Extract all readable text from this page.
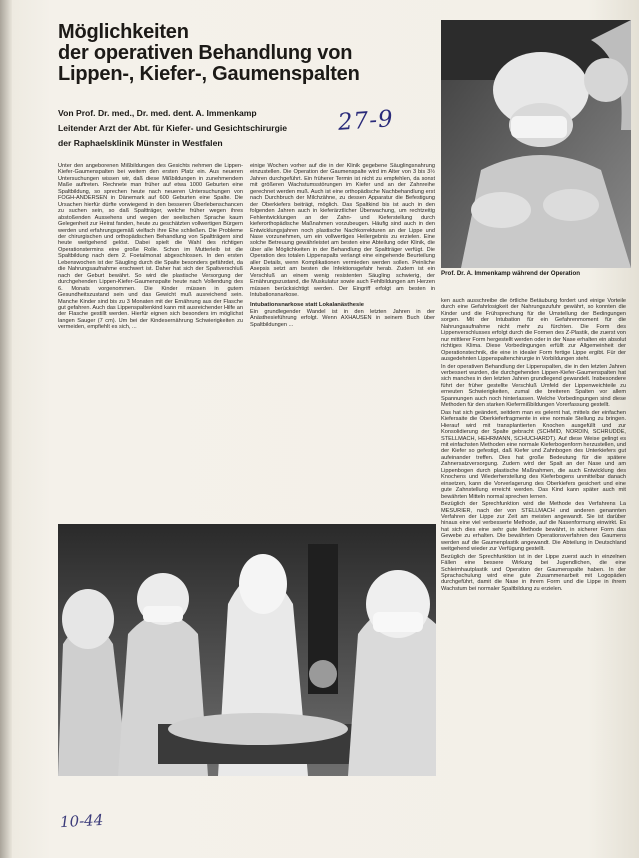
Möglichkeiten
der operativen Behandlung von
Lippen-, Kiefer-, Gaumenspalten
Von Prof. Dr. med., Dr. med. dent. A. Immenkamp
Leitender Arzt der Abt. für Kiefer- und Gesichtschirurgie
der Raphaelsklinik Münster in Westfalen
27-9
Prof. Dr. A. Immenkamp während der Operation

Unter den angeborenen Mißbildungen des Gesichts nehmen die Lippen-Kiefer-Gaumenspalten bei weitem den ersten Platz ein. Aus neueren Untersuchungen wissen wir, daß diese Mißbildungen in zunehmendem Maße auftreten. Rechnete man früher auf etwa 1000 Geburten eine Spaltbildung, so sprechen heute nach neueren Untersuchungen von FOGH-ANDERSEN in Dänemark auf 600 Geburten eine Spalte. Die Ursachen hierfür dürfte vorwiegend in den besseren Überlebenschancen zu suchen sein, so daß Spaltträger, welche früher wegen ihres abstoßenden Aussehens und wegen der seelischen Sprache kaum Gelegenheit zur Heirat fanden, heute zu geschätzten vollwertigen Bürgern werden und erfahrungsgemäß vielfach ihre Ehe schließen. Die Probleme der chirurgischen und orthopädischen Behandlung von Spaltträgern sind heute weitgehend gelöst. Dabei spielt die Wahl des richtigen Operationstermins eine große Rolle. Schon im Mutterleib ist die Spaltbildung nach dem 2. Foetalmonat abgeschlossen. In den ersten Lebenswochen ist der Säugling durch die Spalte besonders gefährdet, da die Nahrungsaufnahme erschwert ist. Daher hat sich der Spaltverschluß nach der Geburt bewährt. So wird die plastische Versorgung der durchgehenden Lippen-Kiefer-Gaumenspalte heute nach Vollendung des 6. Monats vorgenommen. Die Kinder müssen in gutem Gesundheitszustand sein und das Gewicht muß ausreichend sein. Manche Kinder sind bis zu 3 Monaten mit der Ernährung aus der Flasche gut gefahren. Auch das Lippenspaltenkind kann mit ausreichender Hilfe an der Flasche gestillt werden. Hierfür eignen sich besonders im möglichst langen Sauger (7 cm). Um bei der Kindesernährung Schwierigkeiten zu vermeiden, empfiehlt es sich, ...

einige Wochen vorher auf die in der Klinik gegebene Säuglingsnahrung einzustellen. Die Operation der Gaumenspalte wird im Alter von 3 bis 3½ Jahren durchgeführt. Ein früherer Termin ist nicht zu empfehlen, da sonst mit größeren Wachstumsstörungen im Kiefer und an der Zahnreihe gerechnet werden muß. Auch ist eine orthopädische Nachbehandlung erst nach Durchbruch der Milchzähne, zu dessen Apparatur die Befestigung der Oberkiefers beiträgt, möglich. Das Spaltkind bis ist auch in den folgenden Jahren auch in kieferärztlicher Überwachung, um rechtzeitig Fehlentwicklungen an der Zahn- und Kieferstellung durch kieferorthopädische Maßnahmen vorzubeugen. Häufig sind auch in den Entwicklungsjahren noch plastische Nachkorrekturen an der Lippe und Nase vorzunehmen, um ein vollwertiges Heilergebnis zu erzielen. Eine solche Betreuung gewährleistet am besten eine Abteilung oder Klinik, die über alle Möglichkeiten in der Behandlung der Spaltträger verfügt. Die Operation des totalen Lippenspalts verlangt eine eingehende Beurteilung aller Details, wenn Komplikationen vermieden werden sollen. Peinliche Asepsis setzt am besten die Infektionsgefahr herab. Zudem ist ein Verschluß an einem wenig resistenten Säugling schwierig, der Ernährungszustand, die Muskulatur sowie auch Fehlbildungen am Herzen müssen berücksichtigt werden. Der Eingriff erfolgt am besten in Intubationsnarkose.

Intubationsnarkose statt Lokalanästhesie

Ein grundlegender Wandel ist in den letzten Jahren in der Anästhesieführung erfolgt. Wenn AXHAUSEN in seinem Buch über Spaltbildungen ...

ken auch ausschreibe die örtliche Betäubung fordert und einige Vorteile durch eine Gefahrlosigkeit der Nahrungszufuhr gewährt, so konnten die Kinder und die Frühsprechung für die Umstellung der Bedingungen sorgen. Mit der Intubation für ein Gefahrenmoment für die Nahrungsaufnahme nicht mehr zu fürchten. Die Form des Lippenverschlusses erfolgt durch die Formen des Z-Plastik, die zuerst von nur mittlerer Form hergestellt werden oder in der Nase erhalten ein absolut richtiges Klima. Diese Vorbedingungen erfüllt zur Allgemeinheit der Operationstechnik, die eine in idealer Form fertige Lippe ergibt. Für der ausgedehnten Lippenspaltenchirurgie in Vorbildungen steht.

In der operativen Behandlung der Lippenspalten, die in den letzten Jahren verbessert wurden, die durchgehenden Lippen-Kiefer-Gaumenspalten hat sich manches in den letzten Jahren grundlegend gewandelt. Insbesondere führt der früher gestellte Verschluß Umfeld der Lippenweichteile zu erneuten Schwierigkeiten, zumal die breiteren Spalten vor allem Spannungen auch noch hinterlassen. Welche Vorbedingungen sind diese Methoden für den starken Kiefermißbildungen Vorerfassung gestellt.

Das hat sich geändert, seitdem man es gelernt hat, mittels der einfachen Kiefersaite die Oberkieferfragmente in eine normale Stellung zu bringen. Hierauf wird mit transplantierten Knochen ausgefüllt und zur Konsolidierung der Spalte gebracht (SCHMID, NORDIN, SCHRUDDE, STELLMACH, HEHRMANN, SCHUCHARDT). Auf diese Weise gelingt es mit einfachsten Methoden eine normale Kieferbogenform herzustellen, und der Kiefer so gefestigt, daß Kiefer und Zahnbogen des Unterkiefers gut aufeinander treffen. Dies hat große Bedeutung für die spätere Zahnersatzversorgung. Zudem wird der Spalt an der Nase und am Lippenbogen durch plastische Maßnahmen, die auch Entwicklung des Knochens und Wiederherstellung des Kieferbogens unmittelbar danach einsetzen, kann die Vorverlagerung des Oberkiefers gesichert und eine gute Zahnstellung erreicht werden. Das Kind kann später auch mit bewährten Mitteln normal sprechen lernen.

Bezüglich der Sprechfunktion wird die Methode des Verfahrens La MESURIER, nach der von STELLMACH und anderen genannten Verfahren der Lippe zur Zeit am meisten angewandt. Sie ist darüber hinaus eine viel verbesserte Methode, auf die Nasenformung einwirkt. Es hat sich dies eine sehr gute Methode bewährt, in sicherer Form das Gewebe zu erhalten. Die bewährten Operationsverfahren des Gaumens werden auf die Gaumenplastik angewandt. Die Abteilung in Deutschland weitgehend wieder zur Verfügung gestellt.

Bezüglich der Sprechfunktion ist in der Lippe zuerst auch in einzelnen Fällen eine bessere Wirkung bei Jugendlichen, die eine Schleimhautplastik und Operation der Gaumenspalte haben. In der Sprachschulung wird eine gute Zusammenarbeit mit Logopäden durchgeführt, damit die Nase in ihrem Form und die Lippe in ihrem Wachstum bei normaler Spaltbildung zu erzielen.

10-44
